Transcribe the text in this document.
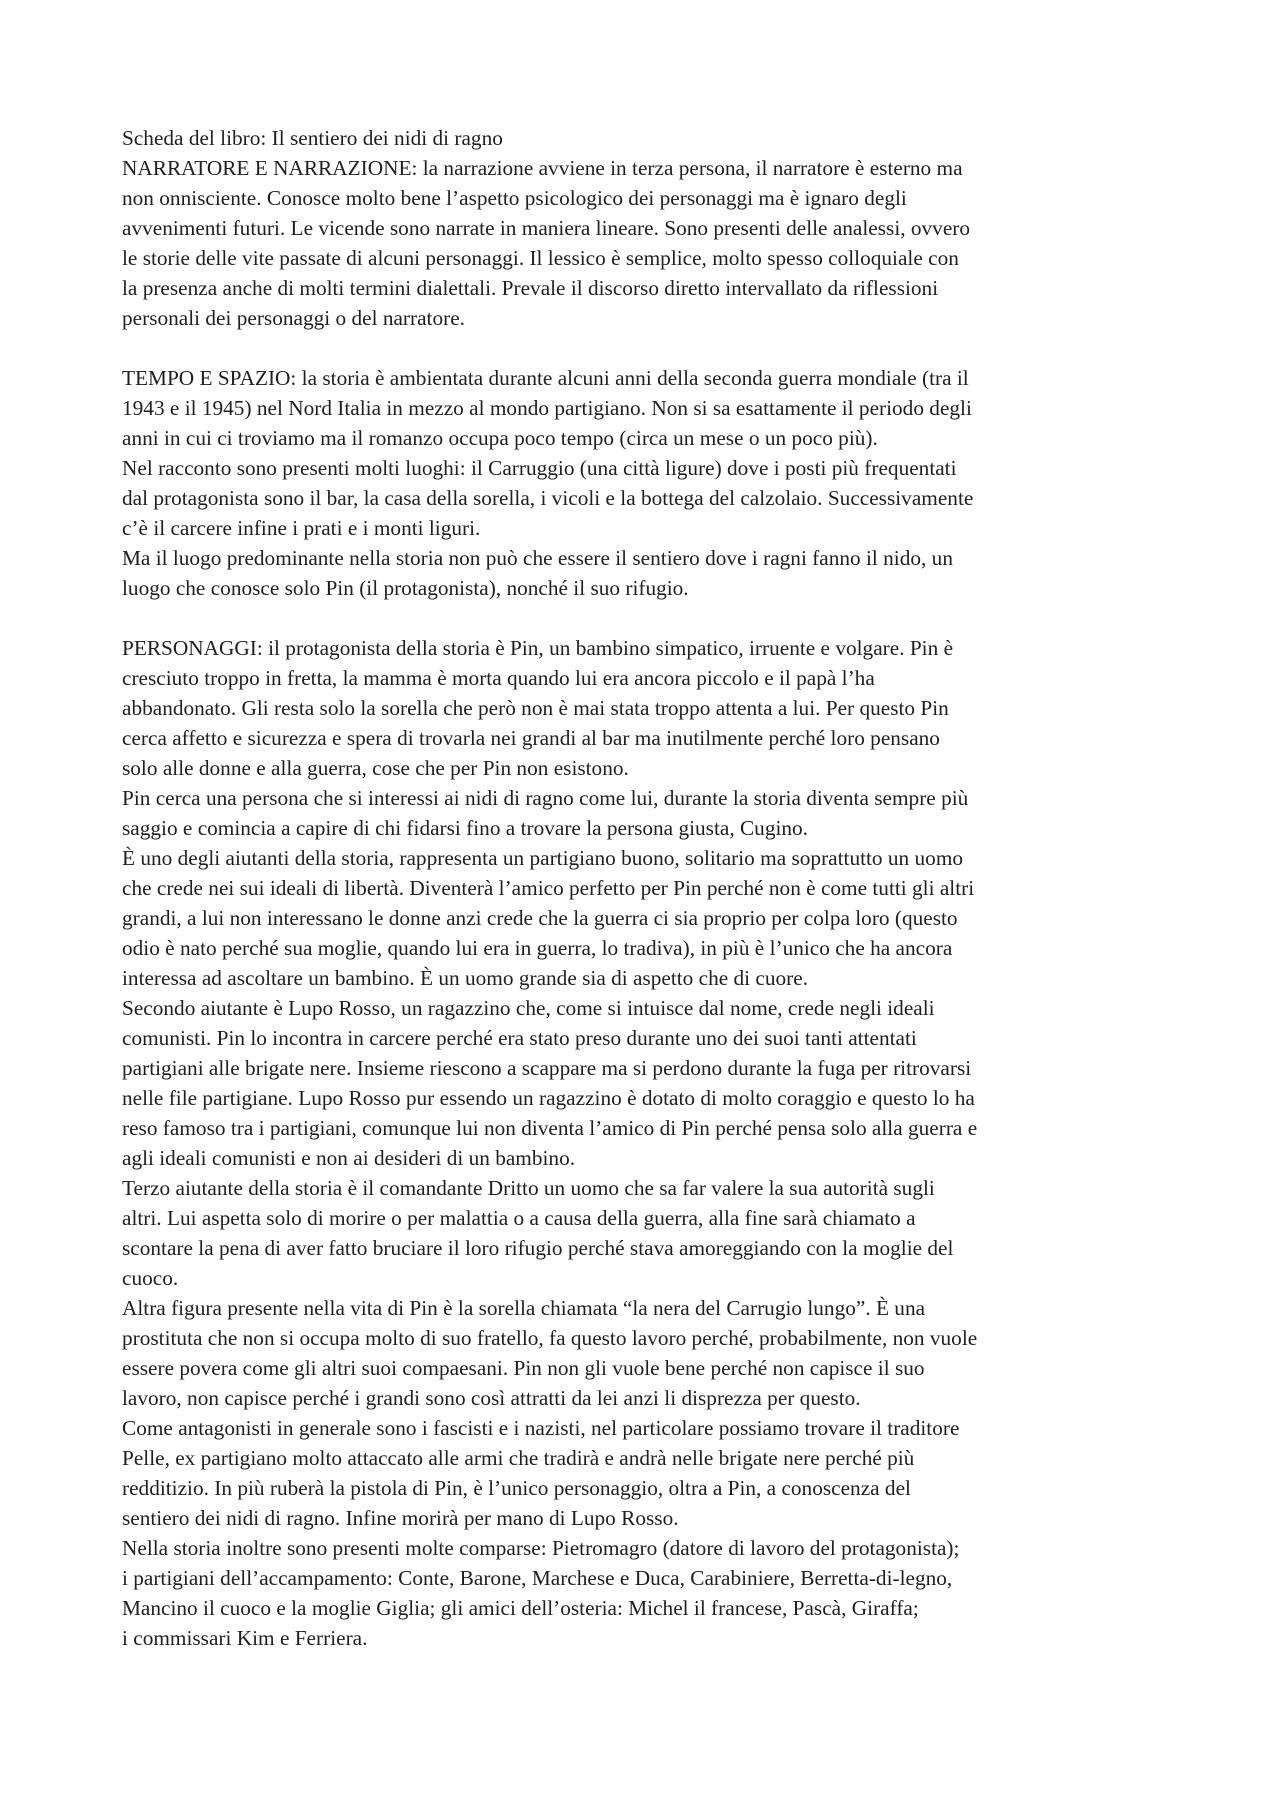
Scheda del libro: Il sentiero dei nidi di ragno
NARRATORE E NARRAZIONE: la narrazione avviene in terza persona, il narratore è esterno ma
non onnisciente. Conosce molto bene l’aspetto psicologico dei personaggi ma è ignaro degli
avvenimenti futuri. Le vicende sono narrate in maniera lineare. Sono presenti delle analessi, ovvero
le storie delle vite passate di alcuni personaggi. Il lessico è semplice, molto spesso colloquiale con
la presenza anche di molti termini dialettali. Prevale il discorso diretto intervallato da riflessioni
personali dei personaggi o del narratore.
TEMPO E SPAZIO: la storia è ambientata durante alcuni anni della seconda guerra mondiale (tra il
1943 e il 1945) nel Nord Italia in mezzo al mondo partigiano. Non si sa esattamente il periodo degli
anni in cui ci troviamo ma il romanzo occupa poco tempo (circa un mese o un poco più).
Nel racconto sono presenti molti luoghi: il Carruggio (una città ligure) dove i posti più frequentati
dal protagonista sono il bar, la casa della sorella, i vicoli e la bottega del calzolaio. Successivamente
c’è il carcere infine i prati e i monti liguri.
Ma il luogo predominante nella storia non può che essere il sentiero dove i ragni fanno il nido, un
luogo che conosce solo Pin (il protagonista), nonché il suo rifugio.
PERSONAGGI: il protagonista della storia è Pin, un bambino simpatico, irruente e volgare. Pin è
cresciuto troppo in fretta, la mamma è morta quando lui era ancora piccolo e il papà l’ha
abbandonato. Gli resta solo la sorella che però non è mai stata troppo attenta a lui. Per questo Pin
cerca affetto e sicurezza e spera di trovarla nei grandi al bar ma inutilmente perché loro pensano
solo alle donne e alla guerra, cose che per Pin non esistono.
Pin cerca una persona che si interessi ai nidi di ragno come lui, durante la storia diventa sempre più
saggio e comincia a capire di chi fidarsi fino a trovare la persona giusta, Cugino.
È uno degli aiutanti della storia, rappresenta un partigiano buono, solitario ma soprattutto un uomo
che crede nei sui ideali di libertà. Diventerà l’amico perfetto per Pin perché non è come tutti gli altri
grandi, a lui non interessano le donne anzi crede che la guerra ci sia proprio per colpa loro (questo
odio è nato perché sua moglie, quando lui era in guerra, lo tradiva), in più è l’unico che ha ancora
interessa ad ascoltare un bambino. È un uomo grande sia di aspetto che di cuore.
Secondo aiutante è Lupo Rosso, un ragazzino che, come si intuisce dal nome, crede negli ideali
comunisti. Pin lo incontra in carcere perché era stato preso durante uno dei suoi tanti attentati
partigiani alle brigate nere. Insieme riescono a scappare ma si perdono durante la fuga per ritrovarsi
nelle file partigiane. Lupo Rosso pur essendo un ragazzino è dotato di molto coraggio e questo lo ha
reso famoso tra i partigiani, comunque lui non diventa l’amico di Pin perché pensa solo alla guerra e
agli ideali comunisti e non ai desideri di un bambino.
Terzo aiutante della storia è il comandante Dritto un uomo che sa far valere la sua autorità sugli
altri. Lui aspetta solo di morire o per malattia o a causa della guerra, alla fine sarà chiamato a
scontare la pena di aver fatto bruciare il loro rifugio perché stava amoreggiando con la moglie del
cuoco.
Altra figura presente nella vita di Pin è la sorella chiamata “la nera del Carrugio lungo”. È una
prostituta che non si occupa molto di suo fratello, fa questo lavoro perché, probabilmente, non vuole
essere povera come gli altri suoi compaesani. Pin non gli vuole bene perché non capisce il suo
lavoro, non capisce perché i grandi sono così attratti da lei anzi li disprezza per questo.
Come antagonisti in generale sono i fascisti e i nazisti, nel particolare possiamo trovare il traditore
Pelle, ex partigiano molto attaccato alle armi che tradirà e andrà nelle brigate nere perché più
redditizio. In più ruberà la pistola di Pin, è l’unico personaggio, oltra a Pin, a conoscenza del
sentiero dei nidi di ragno. Infine morirà per mano di Lupo Rosso.
Nella storia inoltre sono presenti molte comparse: Pietromagro (datore di lavoro del protagonista);
i partigiani dell’accampamento: Conte, Barone, Marchese e Duca, Carabiniere, Berretta-di-legno,
Mancino il cuoco e la moglie Giglia; gli amici dell’osteria: Michel il francese, Pascà, Giraffa;
i commissari Kim e Ferriera.
